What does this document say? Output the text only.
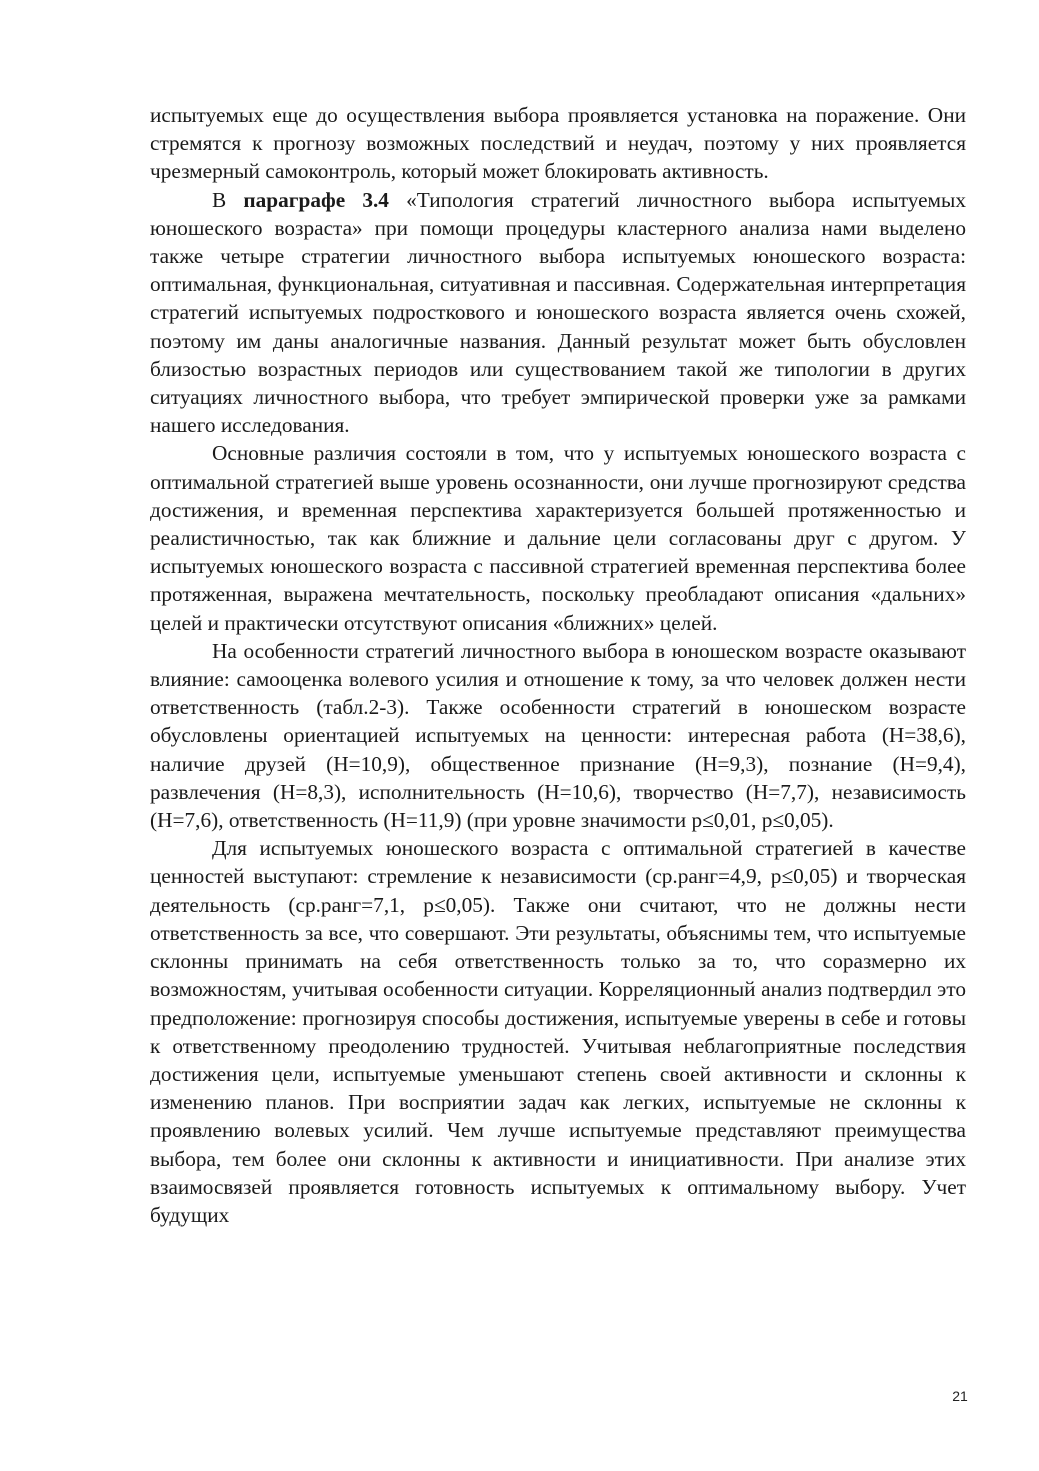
испытуемых еще до осуществления выбора проявляется установка на поражение. Они стремятся к прогнозу возможных последствий и неудач, поэтому у них проявляется чрезмерный самоконтроль, который может блокировать активность.

В параграфе 3.4 «Типология стратегий личностного выбора испытуемых юношеского возраста» при помощи процедуры кластерного анализа нами выделено также четыре стратегии личностного выбора испытуемых юношеского возраста: оптимальная, функциональная, ситуативная и пассивная. Содержательная интерпретация стратегий испытуемых подросткового и юношеского возраста является очень схожей, поэтому им даны аналогичные названия. Данный результат может быть обусловлен близостью возрастных периодов или существованием такой же типологии в других ситуациях личностного выбора, что требует эмпирической проверки уже за рамками нашего исследования.

Основные различия состояли в том, что у испытуемых юношеского возраста с оптимальной стратегией выше уровень осознанности, они лучше прогнозируют средства достижения, и временная перспектива характеризуется большей протяженностью и реалистичностью, так как ближние и дальние цели согласованы друг с другом. У испытуемых юношеского возраста с пассивной стратегией временная перспектива более протяженная, выражена мечтательность, поскольку преобладают описания «дальних» целей и практически отсутствуют описания «ближних» целей.

На особенности стратегий личностного выбора в юношеском возрасте оказывают влияние: самооценка волевого усилия и отношение к тому, за что человек должен нести ответственность (табл.2-3). Также особенности стратегий в юношеском возрасте обусловлены ориентацией испытуемых на ценности: интересная работа (Н=38,6), наличие друзей (Н=10,9), общественное признание (Н=9,3), познание (Н=9,4), развлечения (Н=8,3), исполнительность (Н=10,6), творчество (Н=7,7), независимость (Н=7,6), ответственность (Н=11,9) (при уровне значимости p≤0,01, p≤0,05).

Для испытуемых юношеского возраста с оптимальной стратегией в качестве ценностей выступают: стремление к независимости (ср.ранг=4,9, p≤0,05) и творческая деятельность (ср.ранг=7,1, p≤0,05). Также они считают, что не должны нести ответственность за все, что совершают. Эти результаты, объяснимы тем, что испытуемые склонны принимать на себя ответственность только за то, что соразмерно их возможностям, учитывая особенности ситуации. Корреляционный анализ подтвердил это предположение: прогнозируя способы достижения, испытуемые уверены в себе и готовы к ответственному преодолению трудностей. Учитывая неблагоприятные последствия достижения цели, испытуемые уменьшают степень своей активности и склонны к изменению планов. При восприятии задач как легких, испытуемые не склонны к проявлению волевых усилий. Чем лучше испытуемые представляют преимущества выбора, тем более они склонны к активности и инициативности. При анализе этих взаимосвязей проявляется готовность испытуемых к оптимальному выбору. Учет будущих

21
